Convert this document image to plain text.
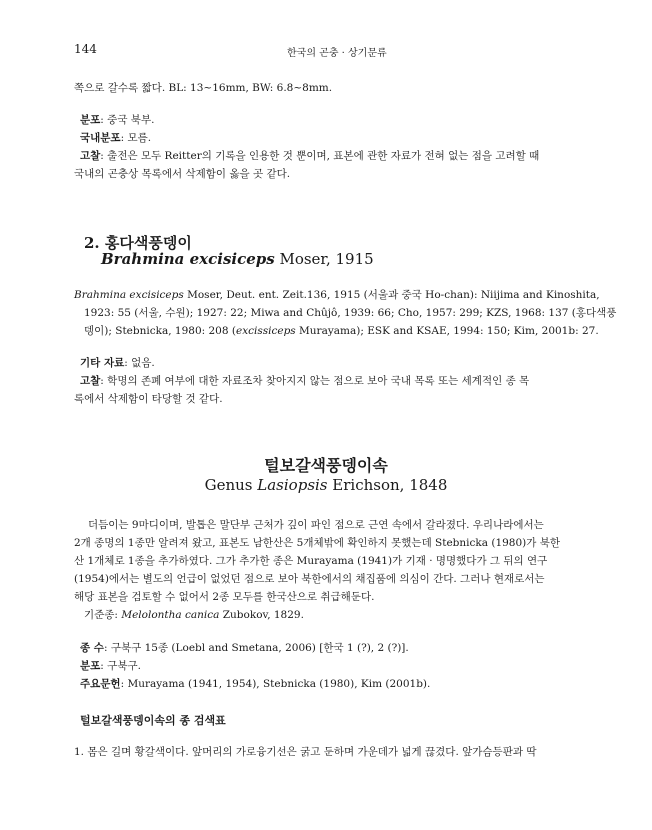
144	한국의 곤충 · 상기문류
쪽으로 갈수록 짧다. BL: 13~16mm, BW: 6.8~8mm.
분포: 중국 북부.
국내분포: 모름.
고찰: 출전은 모두 Reitter의 기록을 인용한 것 뿐이며, 표본에 관한 자료가 전혀 없는 점을 고려할 때
국내의 곤충상 목록에서 삭제함이 옳을 곳 같다.
2. 홍다색풍뎅이
Brahmina excisiceps Moser, 1915
Brahmina excisiceps Moser, Deut. ent. Zeit.136, 1915 (서울과 중국 Ho-chan): Niijima and Kinoshita,
1923: 55 (서울, 수원); 1927: 22; Miwa and Chûjô, 1939: 66; Cho, 1957: 299; KZS, 1968: 137 (홍다색풍
뎅이); Stebnicka, 1980: 208 (excissiceps Murayama); ESK and KSAE, 1994: 150; Kim, 2001b: 27.
기타 자료: 없음.
고찰: 학명의 존폐 여부에 대한 자료조차 찾아지지 않는 점으로 보아 국내 목록 또는 세계적인 종 목
록에서 삭제함이 타당할 것 같다.
털보갈색풍뎅이속
Genus Lasiopsis Erichson, 1848
더듬이는 9마디이며, 발톱은 말단부 근처가 깊이 파인 점으로 근연 속에서 갈라졌다. 우리나라에서는
2개 종명의 1종만 알려져 왔고, 표본도 남한산은 5개체밖에 확인하지 못했는데 Stebnicka (1980)가 북한
산 1개체로 1종을 추가하였다. 그가 추가한 종은 Murayama (1941)가 기재 · 명명했다가 그 뒤의 연구
(1954)에서는 별도의 언급이 없었던 점으로 보아 북한에서의 채집품에 의심이 간다. 그러나 현재로서는
해당 표본을 검토할 수 없어서 2종 모두를 한국산으로 취급해둔다.
기준종: Melolontha canica Zubokov, 1829.
종 수: 구북구 15종 (Loebl and Smetana, 2006) [한국 1 (?), 2 (?)].
분포: 구북구.
주요문헌: Murayama (1941, 1954), Stebnicka (1980), Kim (2001b).
털보갈색풍뎅이속의 종 검색표
1. 몸은 길며 황갈색이다. 앞머리의 가로융기선은 굵고 둔하며 가운데가 넓게 끊겼다. 앞가슴등판과 딱
